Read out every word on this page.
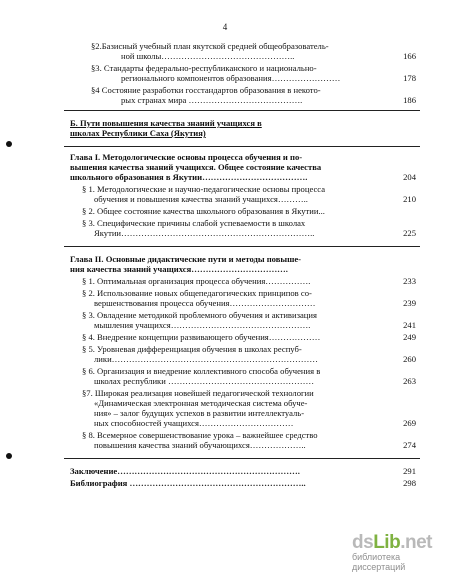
4
§2.Базисный учебный план якутской средней общеобразователь-
ной школы………………………………………..	166
§3. Стандарты федерально-республиканского и национально-
регионального компонентов образования……………………	178
§4 Состояние разработки госстандартов образования в некото-
рых странах мира ………………………………….	186
Б. Пути повышения качества знаний учащихся в
школах Республики Саха (Якутия)
Глава I. Методологические основы процесса обучения и по-
вышения качества знаний учащихся. Общее состояние качества
школьного образования в Якутии……………………………….	204
§ 1. Методологические и научно-педагогические основы процесса
обучения и повышения качества знаний учащихся………..	210
§ 2. Общее состояние качества школьного образования в Якутии...
§ 3. Специфические причины слабой успеваемости в школах
Якутии…………………………………………………………..	225
Глава II. Основные дидактические пути и методы повыше-
ния качества знаний учащихся…………………………….
§ 1. Оптимальная организация процесса обучения…………….	233
§ 2. Использование новых общепедагогических принципов со-
вершенствования процесса обучения…………………………	239
§ 3. Овладение методикой проблемного обучения и активизация
мышления учащихся………………………………………….	241
§ 4. Внедрение концепции развивающего обучения………………	249
§ 5. Уровневая дифференциация обучения в школах респуб-
лики………………………………………………………………	260
§ 6. Организация и внедрение коллективного способа обучения в
школах республики ……………………………………………	263
§7. Широкая реализация новейшей педагогической технологии
«Динамическая электронная методическая система обуче-
ния» – залог будущих успехов в развитии интеллектуаль-
ных способностей учащихся……………………………	269
§ 8. Всемерное совершенствование урока – важнейшее средство
повышения качества знаний обучающихся………………..	274
Заключение……………………………………………………….	291
Библиография ……………………………………………………..	298
dsLib.net
библиотека диссертаций
